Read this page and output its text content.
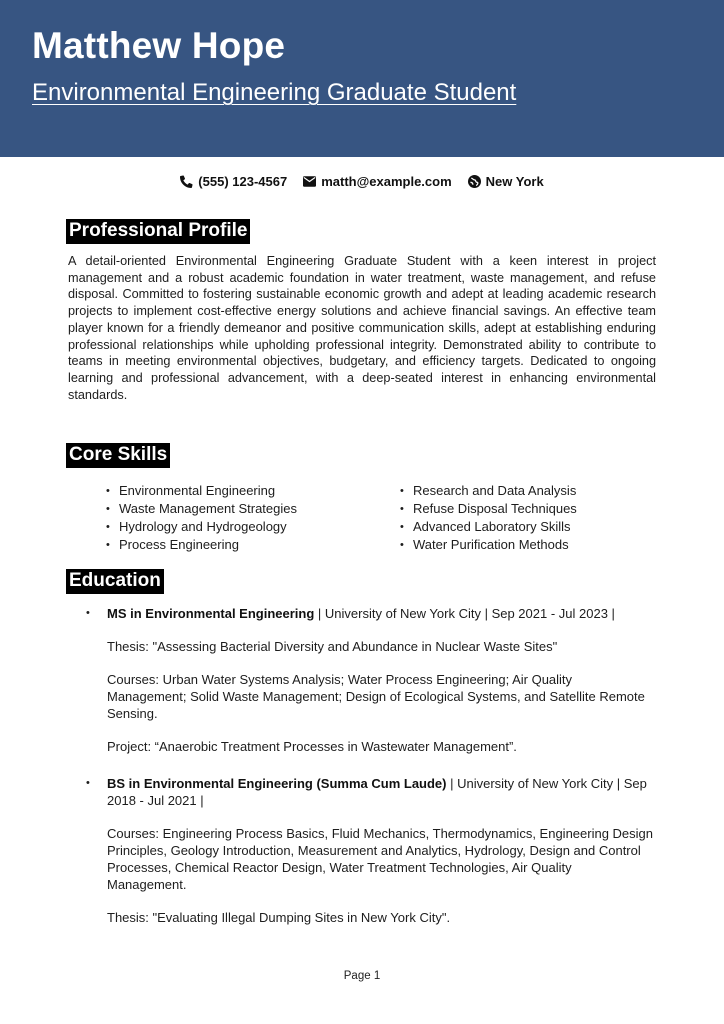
Matthew Hope
Environmental Engineering Graduate Student
(555) 123-4567	matth@example.com	New York
Professional Profile

A detail-oriented Environmental Engineering Graduate Student with a keen interest in project management and a robust academic foundation in water treatment, waste management, and refuse disposal. Committed to fostering sustainable economic growth and adept at leading academic research projects to implement cost-effective energy solutions and achieve financial savings. An effective team player known for a friendly demeanor and positive communication skills, adept at establishing enduring professional relationships while upholding professional integrity. Demonstrated ability to contribute to teams in meeting environmental objectives, budgetary, and efficiency targets. Dedicated to ongoing learning and professional advancement, with a deep-seated interest in enhancing environmental standards.

Core Skills
• Environmental Engineering
• Waste Management Strategies
• Hydrology and Hydrogeology
• Process Engineering
• Research and Data Analysis
• Refuse Disposal Techniques
• Advanced Laboratory Skills
• Water Purification Methods
Education
• MS in Environmental Engineering | University of New York City | Sep 2021 - Jul 2023 |

Thesis: "Assessing Bacterial Diversity and Abundance in Nuclear Waste Sites"

Courses: Urban Water Systems Analysis; Water Process Engineering; Air Quality Management; Solid Waste Management; Design of Ecological Systems, and Satellite Remote Sensing.

Project: “Anaerobic Treatment Processes in Wastewater Management”.

• BS in Environmental Engineering (Summa Cum Laude) | University of New York City | Sep 2018 - Jul 2021 |

Courses: Engineering Process Basics, Fluid Mechanics, Thermodynamics, Engineering Design Principles, Geology Introduction, Measurement and Analytics, Hydrology, Design and Control Processes, Chemical Reactor Design, Water Treatment Technologies, Air Quality Management.

Thesis: "Evaluating Illegal Dumping Sites in New York City".

Page 1
